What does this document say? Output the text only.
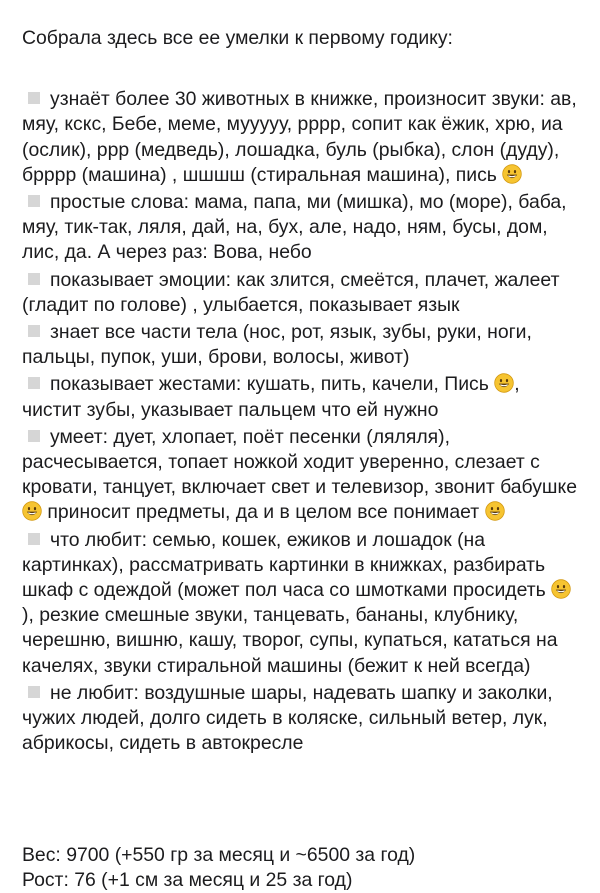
Собрала здесь все ее умелки к первому годику:
узнаёт более 30 животных в книжке, произносит звуки: ав, мяу, кскс, Бебе, меме, мууууу, рррр, сопит как ёжик, хрю, иа (ослик), ррр (медведь), лошадка, буль (рыбка), слон (дуду), брррр (машина) , шшшш (стиральная машина), пись
простые слова: мама, папа, ми (мишка), мо (море), баба, мяу, тик-так, ляля, дай, на, бух, але, надо, ням, бусы, дом, лис, да. А через раз: Вова, небо
показывает эмоции: как злится, смеётся, плачет, жалеет (гладит по голове) , улыбается, показывает язык
знает все части тела (нос, рот, язык, зубы, руки, ноги, пальцы, пупок, уши, брови, волосы, живот)
показывает жестами: кушать, пить, качели, Пись , чистит зубы, указывает пальцем что ей нужно
умеет: дует, хлопает, поёт песенки (ляляля), расчесывается, топает ножкой ходит уверенно, слезает с кровати, танцует, включает свет и телевизор, звонит бабушке  приносит предметы, да и в целом все понимает
что любит: семью, кошек, ежиков и лошадок (на картинках), рассматривать картинки в книжках, разбирать шкаф с одеждой (может пол часа со шмотками просидеть ), резкие смешные звуки, танцевать, бананы, клубнику, черешню, вишню, кашу, творог, супы, купаться, кататься на качелях, звуки стиральной машины (бежит к ней всегда)
не любит: воздушные шары, надевать шапку и заколки, чужих людей, долго сидеть в коляске, сильный ветер, лук, абрикосы, сидеть в автокресле
Вес: 9700 (+550 гр за месяц и ~6500 за год)
Рост: 76 (+1 см за месяц и 25 за год)
